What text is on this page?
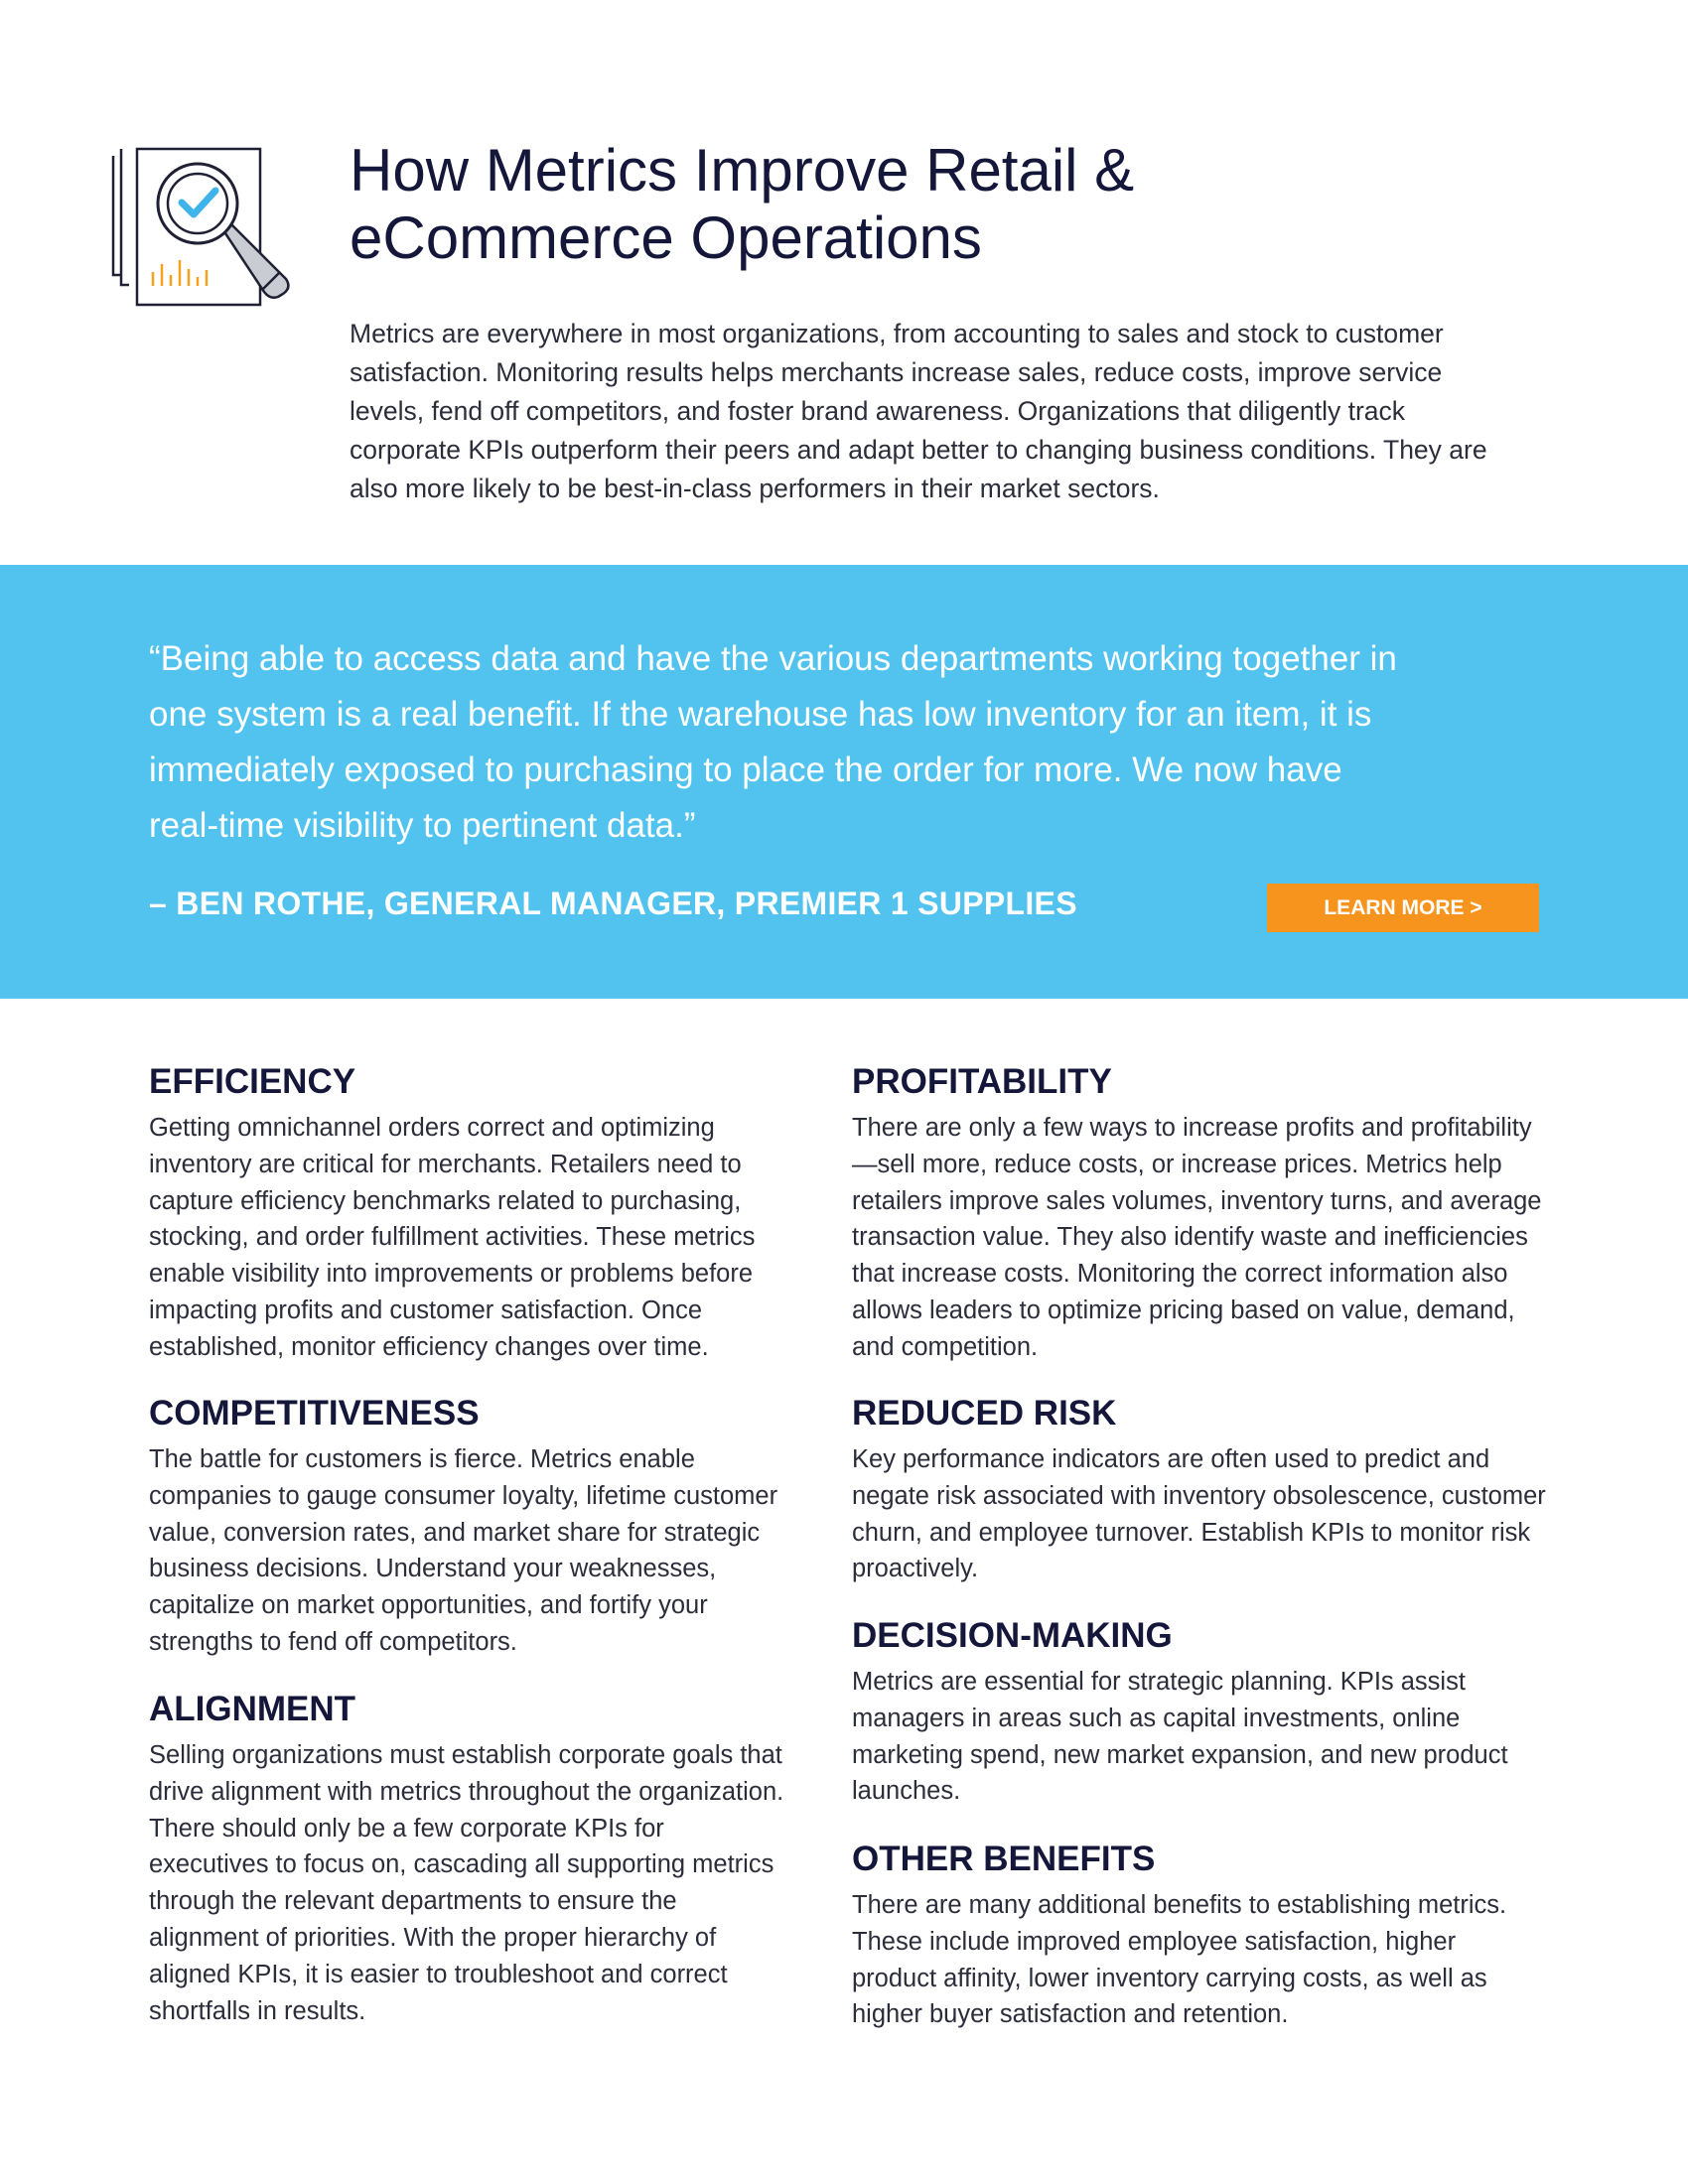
How Metrics Improve Retail &
eCommerce Operations

Metrics are everywhere in most organizations, from accounting to sales and stock to customer satisfaction. Monitoring results helps merchants increase sales, reduce costs, improve service levels, fend off competitors, and foster brand awareness. Organizations that diligently track corporate KPIs outperform their peers and adapt better to changing business conditions. They are also more likely to be best-in-class performers in their market sectors.

“Being able to access data and have the various departments working together in one system is a real benefit. If the warehouse has low inventory for an item, it is immediately exposed to purchasing to place the order for more. We now have real-time visibility to pertinent data.”

– BEN ROTHE, GENERAL MANAGER, PREMIER 1 SUPPLIES	LEARN MORE >
EFFICIENCY

Getting omnichannel orders correct and optimizing inventory are critical for merchants. Retailers need to capture efficiency benchmarks related to purchasing, stocking, and order fulfillment activities. These metrics enable visibility into improvements or problems before impacting profits and customer satisfaction. Once established, monitor efficiency changes over time.

COMPETITIVENESS

The battle for customers is fierce. Metrics enable companies to gauge consumer loyalty, lifetime customer value, conversion rates, and market share for strategic business decisions. Understand your weaknesses, capitalize on market opportunities, and fortify your strengths to fend off competitors.

ALIGNMENT

Selling organizations must establish corporate goals that drive alignment with metrics throughout the organization. There should only be a few corporate KPIs for executives to focus on, cascading all supporting metrics through the relevant departments to ensure the alignment of priorities. With the proper hierarchy of aligned KPIs, it is easier to troubleshoot and correct shortfalls in results.

PROFITABILITY

There are only a few ways to increase profits and profitability—sell more, reduce costs, or increase prices. Metrics help retailers improve sales volumes, inventory turns, and average transaction value. They also identify waste and inefficiencies that increase costs. Monitoring the correct information also allows leaders to optimize pricing based on value, demand, and competition.

REDUCED RISK

Key performance indicators are often used to predict and negate risk associated with inventory obsolescence, customer churn, and employee turnover. Establish KPIs to monitor risk proactively.

DECISION-MAKING

Metrics are essential for strategic planning. KPIs assist managers in areas such as capital investments, online marketing spend, new market expansion, and new product launches.

OTHER BENEFITS

There are many additional benefits to establishing metrics. These include improved employee satisfaction, higher product affinity, lower inventory carrying costs, as well as higher buyer satisfaction and retention.
